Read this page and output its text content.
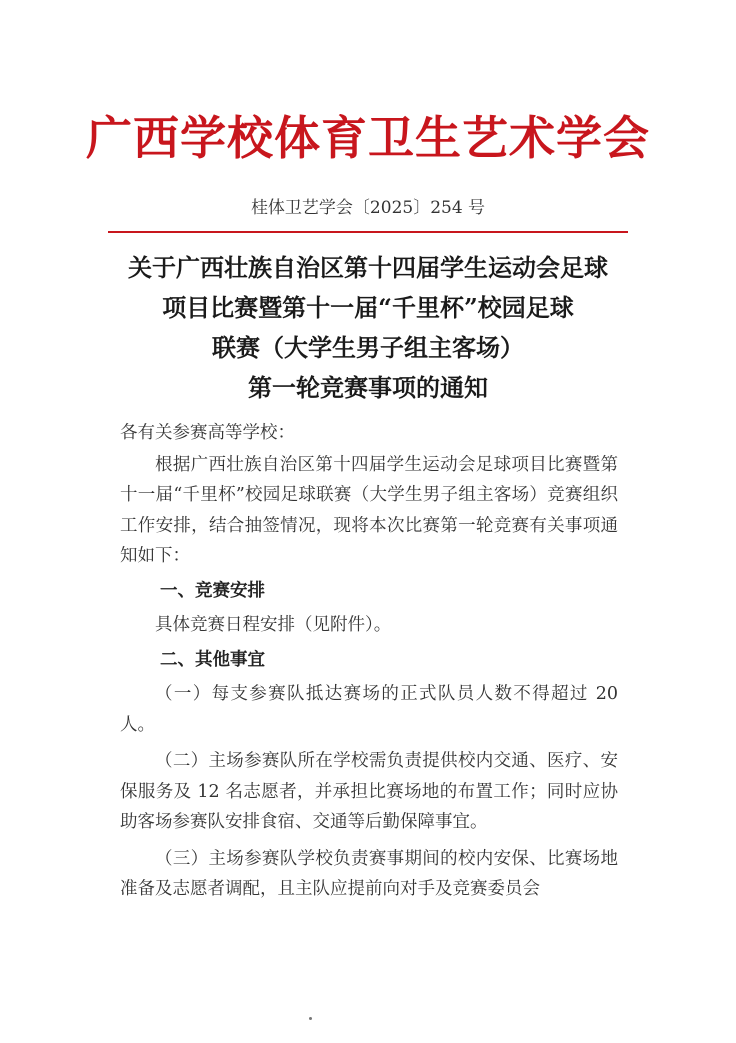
广西学校体育卫生艺术学会
桂体卫艺学会〔2025〕254 号
关于广西壮族自治区第十四届学生运动会足球
项目比赛暨第十一届“千里杯”校园足球
联赛（大学生男子组主客场）
第一轮竞赛事项的通知

各有关参赛高等学校：

根据广西壮族自治区第十四届学生运动会足球项目比赛暨第十一届“千里杯”校园足球联赛（大学生男子组主客场）竞赛组织工作安排，结合抽签情况，现将本次比赛第一轮竞赛有关事项通知如下：

一、竞赛安排

具体竞赛日程安排（见附件）。

二、其他事宜

（一）每支参赛队抵达赛场的正式队员人数不得超过 20 人。

（二）主场参赛队所在学校需负责提供校内交通、医疗、安保服务及 12 名志愿者，并承担比赛场地的布置工作；同时应协助客场参赛队安排食宿、交通等后勤保障事宜。

（三）主场参赛队学校负责赛事期间的校内安保、比赛场地准备及志愿者调配，且主队应提前向对手及竞赛委员会
